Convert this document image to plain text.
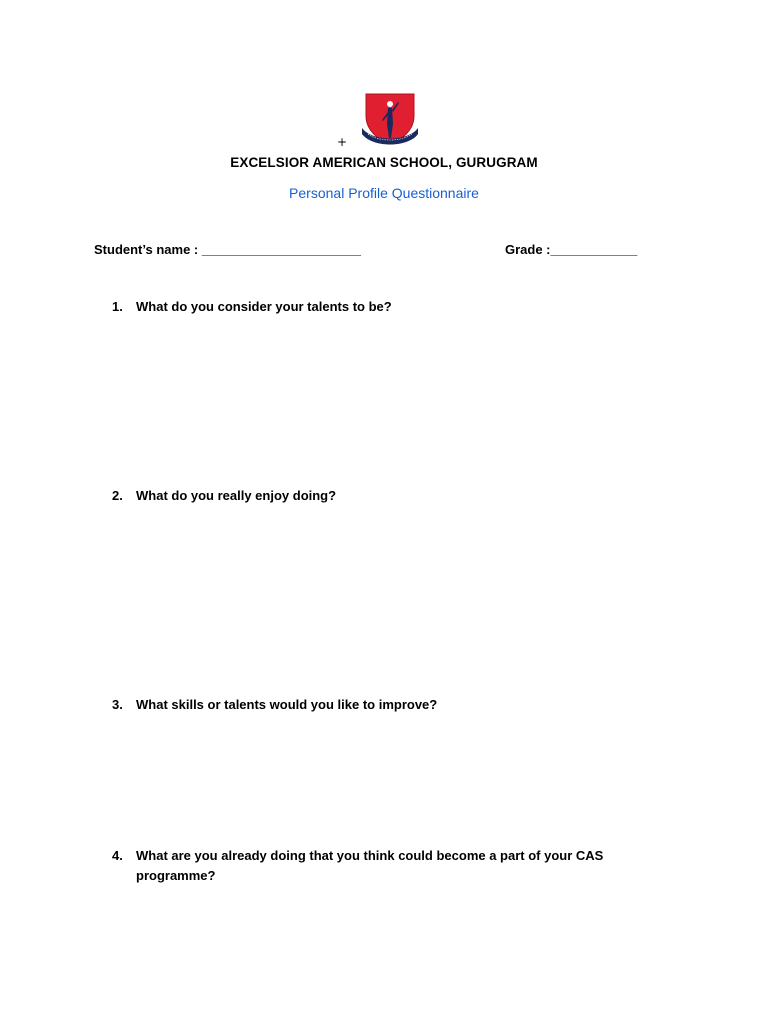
+
EXCELSIOR AMERICAN SCHOOL, GURUGRAM
Personal Profile Questionnaire
Student’s name : ______________________	Grade :____________
1. What do you consider your talents to be?
2. What do you really enjoy doing?
3. What skills or talents would you like to improve?
4. What are you already doing that you think could become a part of your CAS programme?
